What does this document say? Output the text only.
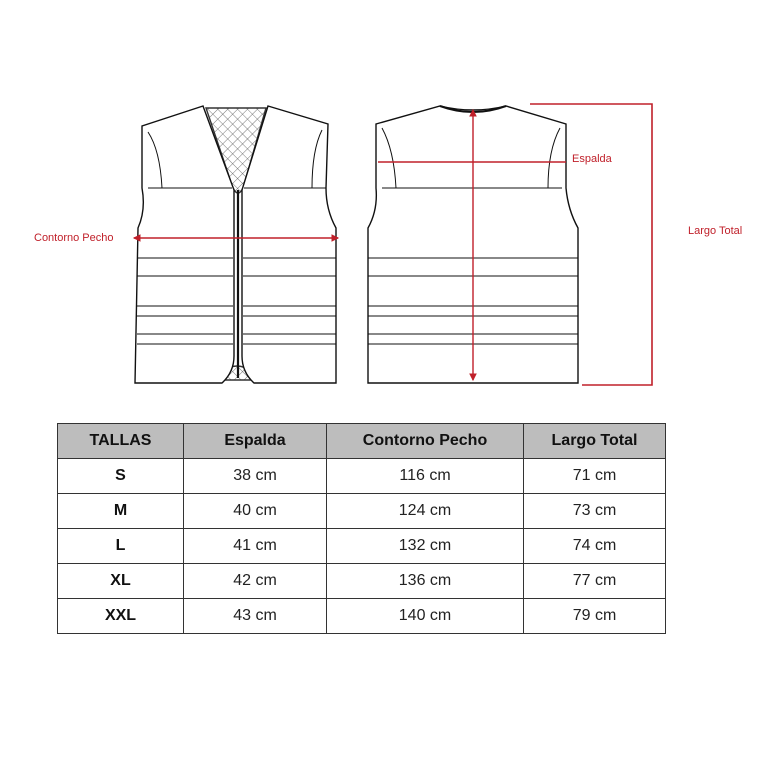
Contorno Pecho
Espalda
Largo Total
TALLAS	Espalda	Contorno Pecho	Largo Total
S	38 cm	116 cm	71 cm
M	40 cm	124 cm	73 cm
L	41 cm	132 cm	74 cm
XL	42 cm	136 cm	77 cm
XXL	43 cm	140 cm	79 cm
